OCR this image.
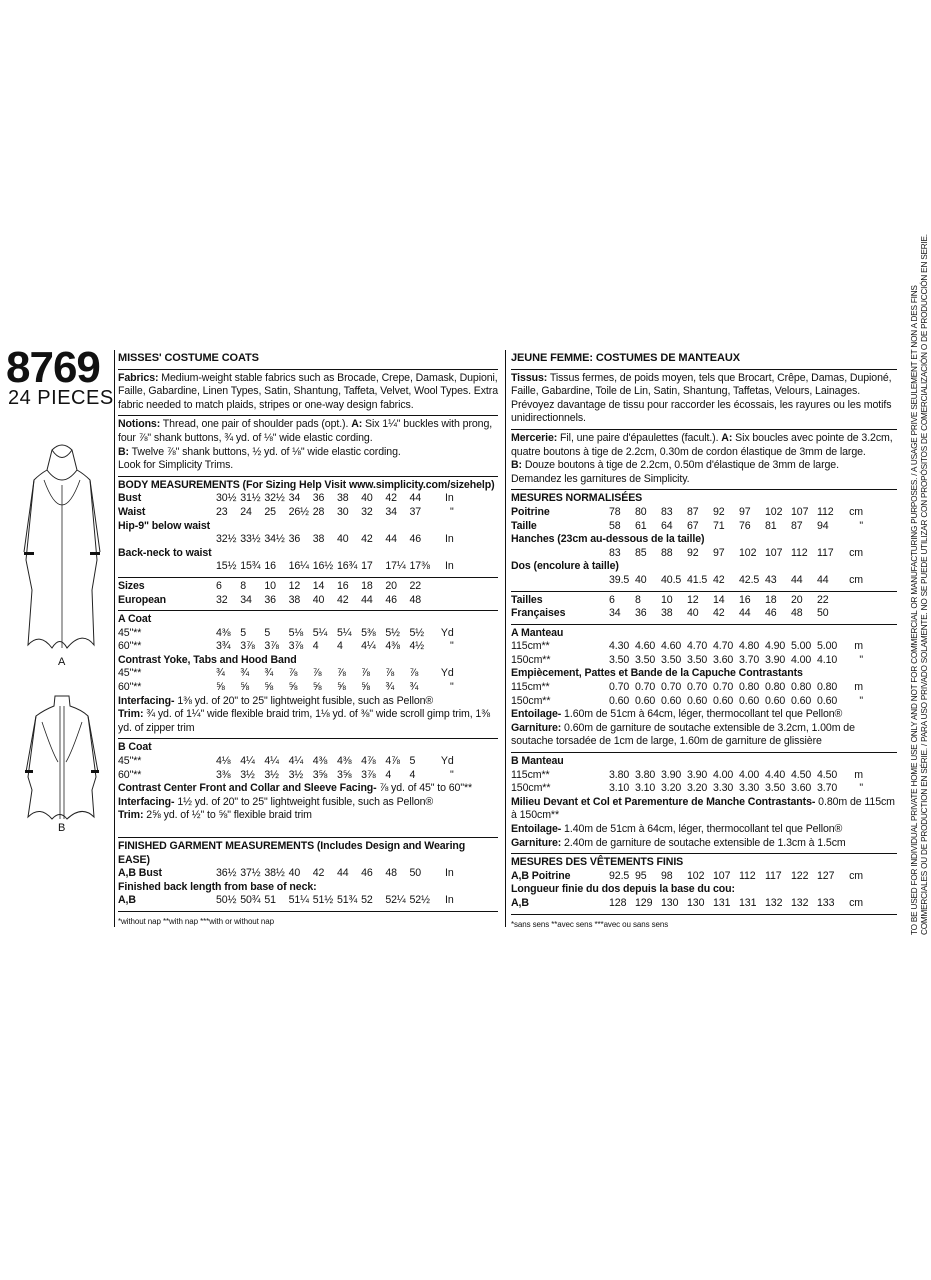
8769
24 PIECES
A
B
MISSES' COSTUME COATS

Fabrics: Medium-weight stable fabrics such as Brocade, Crepe, Damask, Dupioni, Faille, Gabardine, Linen Types, Satin, Shantung, Taffeta, Velvet, Wool Types. Extra fabric needed to match plaids, stripes or one-way design fabrics.

Notions: Thread, one pair of shoulder pads (opt.). A: Six 1¼" buckles with prong, four ⅞" shank buttons, ¾ yd. of ⅛" wide elastic cording.
B: Twelve ⅞" shank buttons, ½ yd. of ⅛" wide elastic cording.
Look for Simplicity Trims.

BODY MEASUREMENTS (For Sizing Help Visit www.simplicity.com/sizehelp)
Bust	30½ 31½ 32½ 34	36	38	40	42	44	In
Waist	23	24	25	26½ 28	30	32	34	37	"
Hip-9" below waist
32½ 33½ 34½ 36	38	40	42	44	46	In
Back-neck to waist
15½ 15¾ 16	16¼ 16½ 16¾ 17	17¼ 17⅜	In
Sizes	6	8	10	12	14	16	18	20	22
European	32	34	36	38	40	42	44	46	48
A Coat
45"**	4⅜ 5	5	5⅛ 5¼ 5¼ 5⅜ 5½ 5½	Yd
60"**	3¾ 3⅞ 3⅞ 3⅞ 4	4	4¼ 4⅜ 4½	"
Contrast Yoke, Tabs and Hood Band
45"**	¾	¾	¾	⅞	⅞	⅞	⅞	⅞	⅞	Yd
60"**	⅝	⅝	⅝	⅝	⅝	⅝	⅝	¾	¾	"

Interfacing- 1⅜ yd. of 20" to 25" lightweight fusible, such as Pellon®

Trim: ¾ yd. of 1¼" wide flexible braid trim, 1⅛ yd. of ⅜" wide scroll gimp trim, 1⅜ yd. of zipper trim

B Coat
45"**	4⅛ 4¼ 4¼ 4¼ 4⅜ 4⅜ 4⅞ 4⅞ 5	Yd
60"**	3⅜ 3½ 3½ 3½ 3⅝ 3⅝ 3⅞ 4	4	"

Contrast Center Front and Collar and Sleeve Facing- ⅞ yd. of 45" to 60"**

Interfacing- 1½ yd. of 20" to 25" lightweight fusible, such as Pellon®

Trim: 2⅝ yd. of ½" to ⅝" flexible braid trim

FINISHED GARMENT MEASUREMENTS (Includes Design and Wearing EASE)
A,B Bust	36½ 37½ 38½ 40	42	44	46	48	50	In
Finished back length from base of neck:
A,B	50½ 50¾ 51	51¼ 51½ 51¾ 52	52¼ 52½	In
*without nap **with nap ***with or without nap
JEUNE FEMME: COSTUMES DE MANTEAUX

Tissus: Tissus fermes, de poids moyen, tels que Brocart, Crêpe, Damas, Dupioné, Faille, Gabardine, Toile de Lin, Satin, Shantung, Taffetas, Velours, Lainages. Prévoyez davantage de tissu pour raccorder les écossais, les rayures ou les motifs unidirectionnels.

Mercerie: Fil, une paire d'épaulettes (facult.). A: Six boucles avec pointe de 3.2cm, quatre boutons à tige de 2.2cm, 0.30m de cordon élastique de 3mm de large.
B: Douze boutons à tige de 2.2cm, 0.50m d'élastique de 3mm de large.
Demandez les garnitures de Simplicity.

MESURES NORMALISÉES
Poitrine	78	80	83	87	92	97	102 107 112	cm
Taille	58	61	64	67	71	76	81	87	94	"
Hanches (23cm au-dessous de la taille)
83	85	88	92	97	102 107 112 117	cm
Dos (encolure à taille)
39.5 40	40.5 41.5 42	42.5 43	44	44	cm
Tailles	6	8	10	12	14	16	18	20	22
Françaises	34	36	38	40	42	44	46	48	50
A Manteau
115cm**	4.30 4.60 4.60 4.70 4.70 4.80 4.90 5.00 5.00	m
150cm**	3.50 3.50 3.50 3.50 3.60 3.70 3.90 4.00 4.10	"
Empiècement, Pattes et Bande de la Capuche Contrastants
115cm**	0.70 0.70 0.70 0.70 0.70 0.80 0.80 0.80 0.80	m
150cm**	0.60 0.60 0.60 0.60 0.60 0.60 0.60 0.60 0.60	"

Entoilage- 1.60m de 51cm à 64cm, léger, thermocollant tel que Pellon®

Garniture: 0.60m de garniture de soutache extensible de 3.2cm, 1.00m de soutache torsadée de 1cm de large, 1.60m de garniture de glissière

B Manteau
115cm**	3.80 3.80 3.90 3.90 4.00 4.00 4.40 4.50 4.50	m
150cm**	3.10 3.10 3.20 3.20 3.30 3.30 3.50 3.60 3.70	"

Milieu Devant et Col et Parementure de Manche Contrastants- 0.80m de 115cm à 150cm**

Entoilage- 1.40m de 51cm à 64cm, léger, thermocollant tel que Pellon®

Garniture: 2.40m de garniture de soutache extensible de 1.3cm à 1.5cm

MESURES DES VÊTEMENTS FINIS
A,B Poitrine	92.5 95	98	102 107 112 117 122 127	cm
Longueur finie du dos depuis la base du cou:
A,B	128 129 130 130 131 131 132 132 133	cm
*sans sens **avec sens ***avec ou sans sens	TO BE USED FOR INDIVIDUAL PRIVATE HOME USE ONLY AND NOT FOR COMMERCIAL OR MANUFACTURING PURPOSES. / A USAGE PRIVE SEULEMENT ET NON A DES FINS COMMERCIALES OU DE PRODUCTION EN SÉRIE. / PARA USO PRIVADO SOLAMENTE. NO SE PUEDE UTILIZAR CON PROPÓSITOS DE COMERCIALIZACIÓN O DE PRODUCCIÓN EN SERIE.
